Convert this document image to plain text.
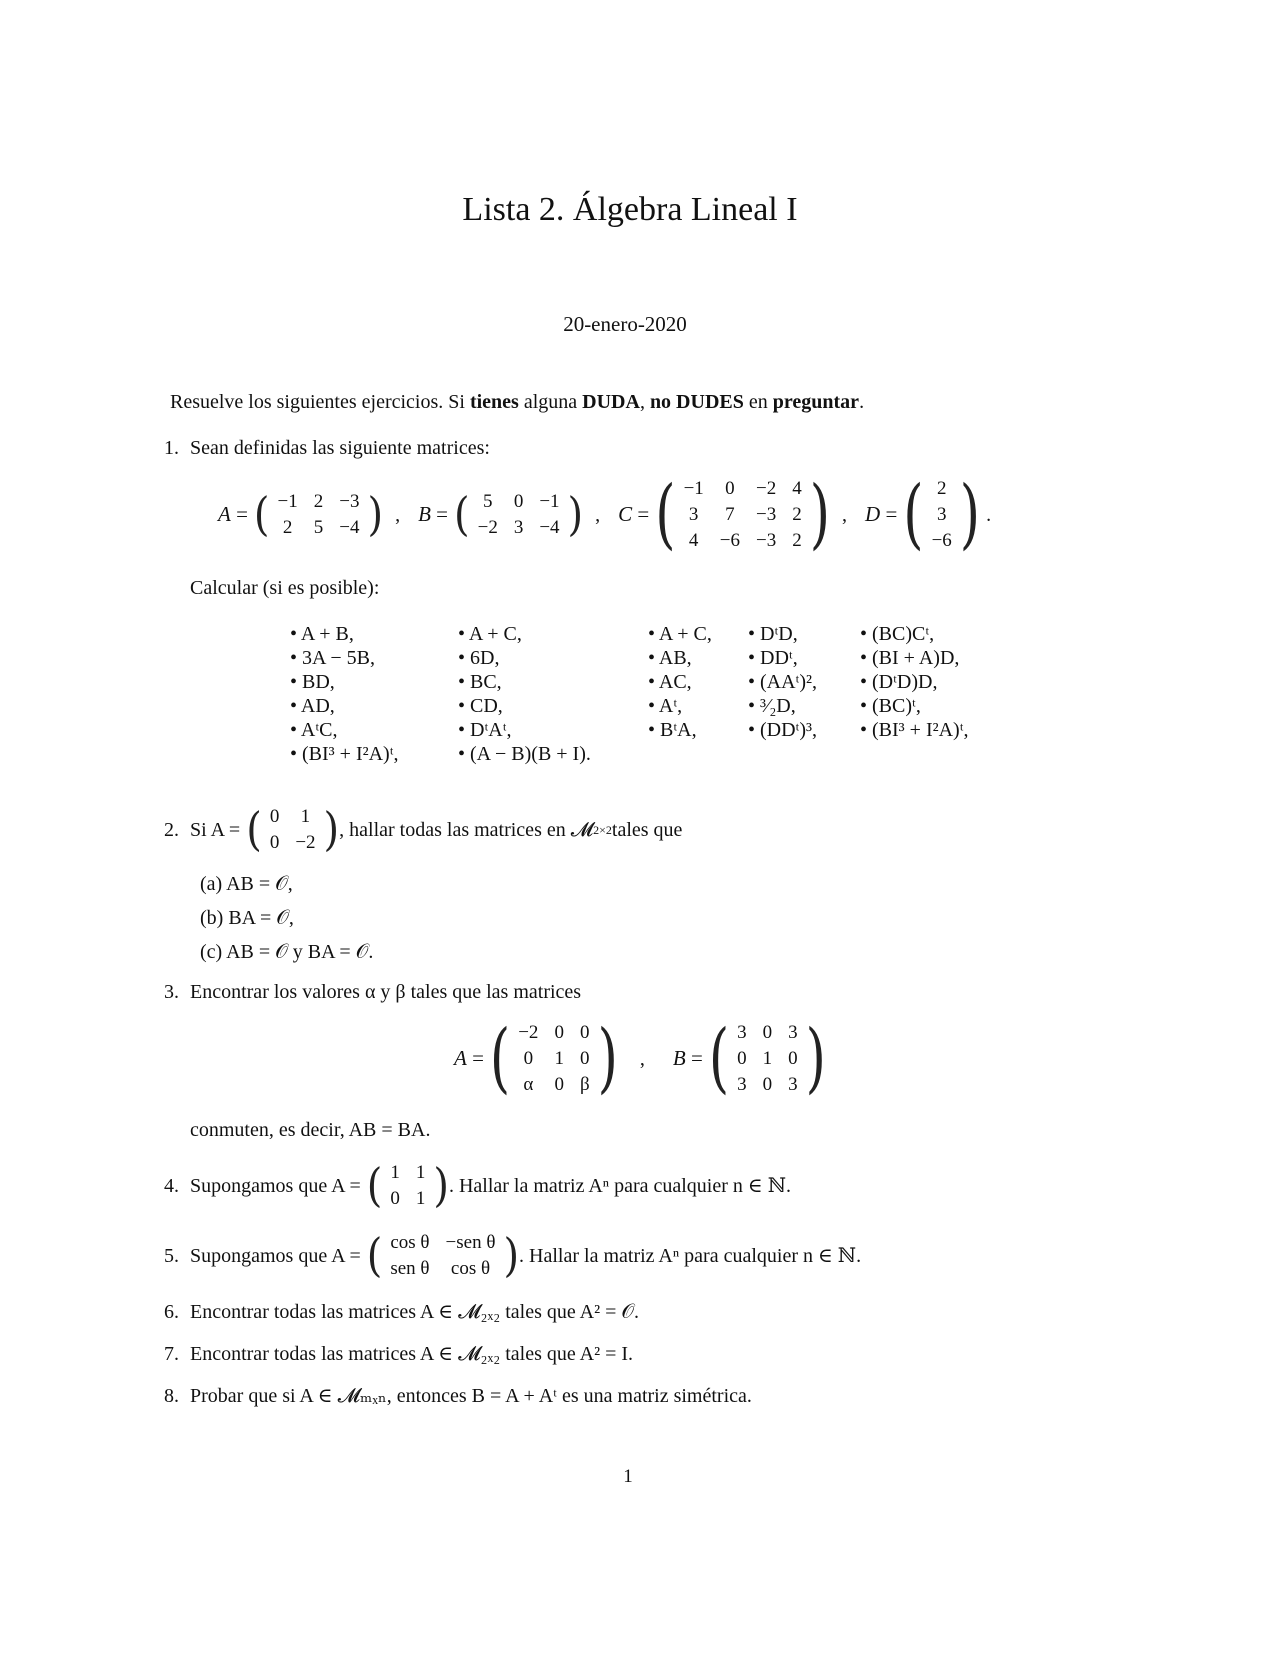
Lista 2. Álgebra Lineal I
20-enero-2020
Resuelve los siguientes ejercicios. Si tienes alguna DUDA, no DUDES en preguntar.
1. Sean definidas las siguiente matrices:
A = ( −1	2	−3
2	5	−4 ) , B = ( 5	0	−1
−2	3	−4 ) , C = ( −1	0	−2	4
3	7	−3	2
4	−6	−3	2 ) , D = ( 2
3
−6 ) .
Calcular (si es posible):
• A + B,
• 3A − 5B,
• BD,
• AD,
• AᵗC,
• (BI³ + I²A)ᵗ,
• A + C,
• 6D,
• BC,
• CD,
• DᵗAᵗ,
• (A − B)(B + I).
• A + C,
• AB,
• AC,
• Aᵗ,
• BᵗA,
• DᵗD,
• DDᵗ,
• (AAᵗ)²,
• ³⁄₂D,
• (DDᵗ)³,
• (BC)Cᵗ,
• (BI + A)D,
• (DᵗD)D,
• (BC)ᵗ,
• (BI³ + I²A)ᵗ,
2. Si A = ( 0	1
0	−2 ) , hallar todas las matrices en 𝓜 2×2 tales que
(a) AB = 𝒪,
(b) BA = 𝒪,
(c) AB = 𝒪 y BA = 𝒪.
3. Encontrar los valores α y β tales que las matrices
A = ( −2	0	0
0	1	0
α	0	β ) , B = ( 3	0	3
0	1	0
3	0	3 )
conmuten, es decir, AB = BA.
4. Supongamos que A = ( 1	1
0	1 ) . Hallar la matriz Aⁿ para cualquier n ∈ ℕ.
5. Supongamos que A = ( cos θ	−sen θ
sen θ	cos θ ) . Hallar la matriz Aⁿ para cualquier n ∈ ℕ.
6. Encontrar todas las matrices A ∈ 𝓜₂ₓ₂ tales que A² = 𝒪.
7. Encontrar todas las matrices A ∈ 𝓜₂ₓ₂ tales que A² = I.
8. Probar que si A ∈ 𝓜ₘₓₙ, entonces B = A + Aᵗ es una matriz simétrica.
1
